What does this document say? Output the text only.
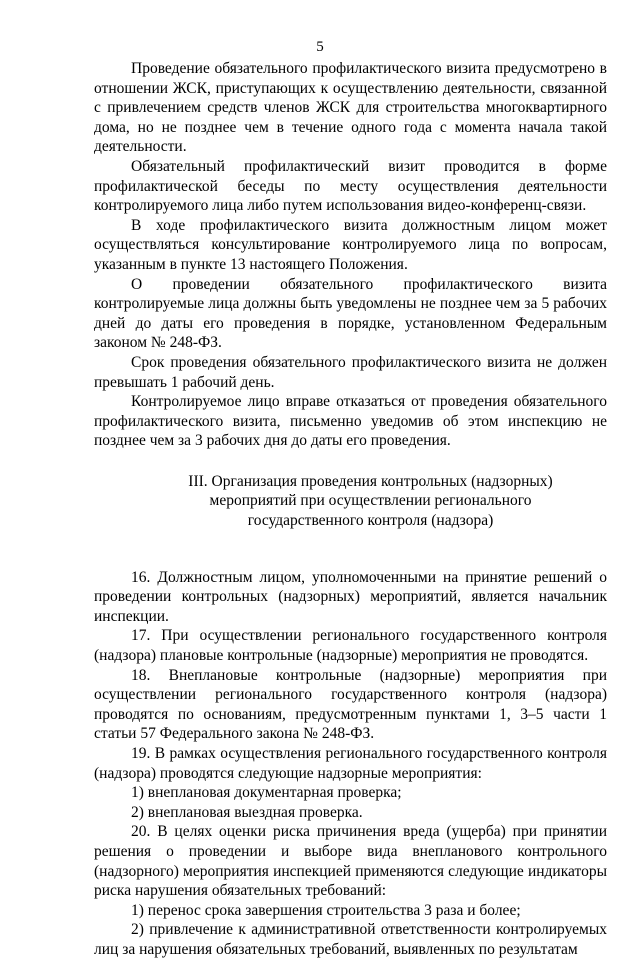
5

Проведение обязательного профилактического визита предусмотрено в отношении ЖСК, приступающих к осуществлению деятельности, связанной с привлечением средств членов ЖСК для строительства многоквартирного дома, но не позднее чем в течение одного года с момента начала такой деятельности.

Обязательный профилактический визит проводится в форме профилактической беседы по месту осуществления деятельности контролируемого лица либо путем использования видео-конференц-связи.

В ходе профилактического визита должностным лицом может осуществляться консультирование контролируемого лица по вопросам, указанным в пункте 13 настоящего Положения.

О проведении обязательного профилактического визита контролируемые лица должны быть уведомлены не позднее чем за 5 рабочих дней до даты его проведения в порядке, установленном Федеральным законом № 248-ФЗ.

Срок проведения обязательного профилактического визита не должен превышать 1 рабочий день.

Контролируемое лицо вправе отказаться от проведения обязательного профилактического визита, письменно уведомив об этом инспекцию не позднее чем за 3 рабочих дня до даты его проведения.

III. Организация проведения контрольных (надзорных)
мероприятий при осуществлении регионального
государственного контроля (надзора)

16. Должностным лицом, уполномоченными на принятие решений о проведении контрольных (надзорных) мероприятий, является начальник инспекции.

17. При осуществлении регионального государственного контроля (надзора) плановые контрольные (надзорные) мероприятия не проводятся.

18. Внеплановые контрольные (надзорные) мероприятия при осуществлении регионального государственного контроля (надзора) проводятся по основаниям, предусмотренным пунктами 1, 3–5 части 1 статьи 57 Федерального закона № 248-ФЗ.

19. В рамках осуществления регионального государственного контроля (надзора) проводятся следующие надзорные мероприятия:

1) внеплановая документарная проверка;

2) внеплановая выездная проверка.

20. В целях оценки риска причинения вреда (ущерба) при принятии решения о проведении и выборе вида внепланового контрольного (надзорного) мероприятия инспекцией применяются следующие индикаторы риска нарушения обязательных требований:

1) перенос срока завершения строительства 3 раза и более;

2) привлечение к административной ответственности контролируемых лиц за нарушения обязательных требований, выявленных по результатам
